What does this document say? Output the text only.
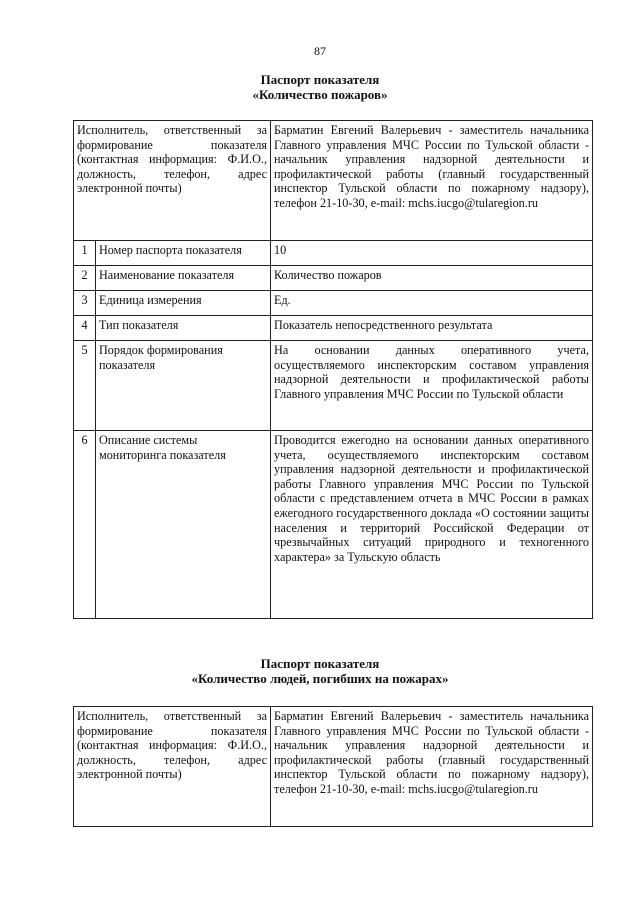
87
Паспорт показателя
«Количество пожаров»
Исполнитель, ответственный за формирование показателя (контактная информация: Ф.И.О., должность, телефон, адрес электронной почты)		Барматин Евгений Валерьевич - заместитель начальника Главного управления МЧС России по Тульской области - начальник управления надзорной деятельности и профилактической работы (главный государственный инспектор Тульской области по пожарному надзору), телефон 21-10-30, e-mail: mchs.iucgo@tularegion.ru
1	Номер паспорта показателя	10
2	Наименование показателя	Количество пожаров
3	Единица измерения	Ед.
4	Тип показателя	Показатель непосредственного результата
5	Порядок формирования показателя	На основании данных оперативного учета, осуществляемого инспекторским составом управления надзорной деятельности и профилактической работы Главного управления МЧС России по Тульской области
6	Описание системы мониторинга показателя	Проводится ежегодно на основании данных оперативного учета, осуществляемого инспекторским составом управления надзорной деятельности и профилактической работы Главного управления МЧС России по Тульской области с представлением отчета в МЧС России в рамках ежегодного государственного доклада «О состоянии защиты населения и территорий Российской Федерации от чрезвычайных ситуаций природного и техногенного характера» за Тульскую область
Паспорт показателя
«Количество людей, погибших на пожарах»
Исполнитель, ответственный за формирование показателя (контактная информация: Ф.И.О., должность, телефон, адрес электронной почты)	Барматин Евгений Валерьевич - заместитель начальника Главного управления МЧС России по Тульской области - начальник управления надзорной деятельности и профилактической работы (главный государственный инспектор Тульской области по пожарному надзору), телефон 21-10-30, e-mail: mchs.iucgo@tularegion.ru
